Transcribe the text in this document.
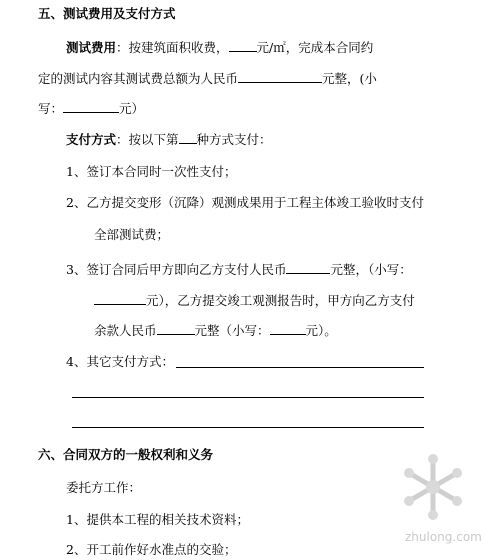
五、测试费用及支付方式
测试费用：按建筑面积收费， 元/㎡，完成本合同约
定的测试内容其测试费总额为人民币	元整，(小
写：	元）
支付方式：按以下第 种方式支付：
1、签订本合同时一次性支付；
2、乙方提交变形（沉降）观测成果用于工程主体竣工验收时支付
全部测试费；
3、签订合同后甲方即向乙方支付人民币	元整，（小写：
元），乙方提交竣工观测报告时，甲方向乙方支付
余款人民币	元整（小写：	元）。
4、其它支付方式：
六、合同双方的一般权利和义务
委托方工作：
1、提供本工程的相关技术资料；
2、开工前作好水准点的交验；
zhulong.com
